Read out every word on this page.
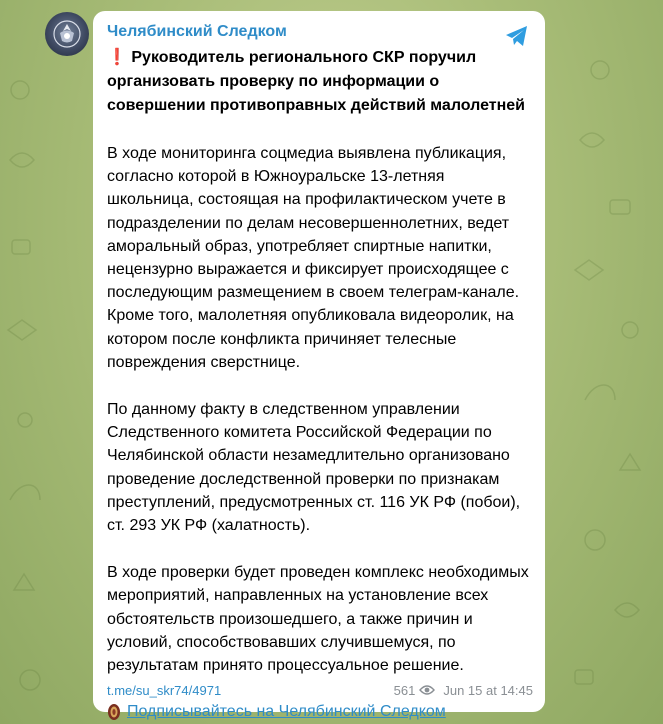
Челябинский Следком
❗ Руководитель регионального СКР поручил организовать проверку по информации о совершении противоправных действий малолетней
В ходе мониторинга соцмедиа выявлена публикация, согласно которой в Южноуральске 13-летняя школьница, состоящая на профилактическом учете в подразделении по делам несовершеннолетних, ведет аморальный образ, употребляет спиртные напитки, нецензурно выражается и фиксирует происходящее с последующим размещением в своем телеграм-канале. Кроме того, малолетняя опубликовала видеоролик, на котором после конфликта причиняет телесные повреждения сверстнице.
По данному факту в следственном управлении Следственного комитета Российской Федерации по Челябинской области незамедлительно организовано проведение доследственной проверки по признакам преступлений, предусмотренных ст. 116 УК РФ (побои), ст. 293 УК РФ (халатность).
В ходе проверки будет проведен комплекс необходимых мероприятий, направленных на установление всех обстоятельств произошедшего, а также причин и условий, способствовавших случившемуся, по результатам принято процессуальное решение.
Подписывайтесь на Челябинский Следком
t.me/su_skr74/4971	561 Jun 15 at 14:45
